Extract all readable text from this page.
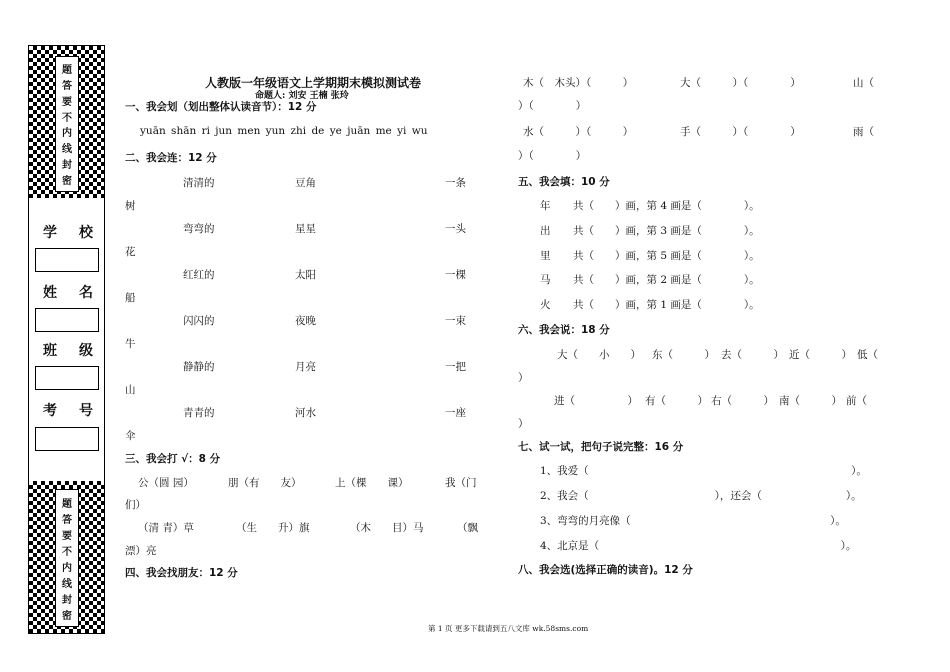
题
答
要
不
内
线
封
密
学 校
姓 名
班 级
考 号
题
答
要
不
内
线
封
密
人教版一年级语文上学期期末模拟测试卷
命题人: 刘安 王楠 张玲
一、我会划（划出整体认读音节）：12 分
yuān shān ri jun men yun zhi de ye juān me yi wu
二、我会连：12 分
清清的	豆角	一条
树
弯弯的	星星	一头
花
红红的	太阳	一棵
船
闪闪的	夜晚	一束
牛
静静的	月亮	一把
山
青青的	河水	一座
伞
三、我会打 √：8 分
公（圆 园）	朋（有　　友）	上（棵　　课）	我（门
们）
（清 青）草	（生　　升）旗	（木　　目）马	（飘
漂）亮
四、我会找朋友：12 分
第 1 页 更多下载请到五八文库 wk.58sms.com
木（　木头）（　　　）	大（　　　）（　　　　）	山（
）（　　　　）
水（　　　）（　　　）	手（　　　）（　　　　）	雨（
）（　　　　）
五、我会填：10 分
年 共（　　）画，第 4 画是（　　　　）。
出 共（　　）画，第 3 画是（　　　　）。
里 共（　　）画，第 5 画是（　　　　）。
马 共（　　）画，第 2 画是（　　　　）。
火 共（　　）画，第 1 画是（　　　　）。
六、我会说：18 分
大（　　小　　） 东（　　　） 去（　　　） 近（　　　） 低（
）
进（　　　　　） 有（　　　） 右（　　　） 南（　　　） 前（
）
七、试一试，把句子说完整：16 分
1、我爱（　　　　　　　　　　　　　　　　　　　　　　　　　）。
2、我会（　　　　　　　　　　　　），还会（　　　　　　　　）。
3、弯弯的月亮像（　　　　　　　　　　　　　　　　　　　）。
4、北京是（　　　　　　　　　　　　　　　　　　　　　　　）。
八、我会选(选择正确的读音)。12 分
